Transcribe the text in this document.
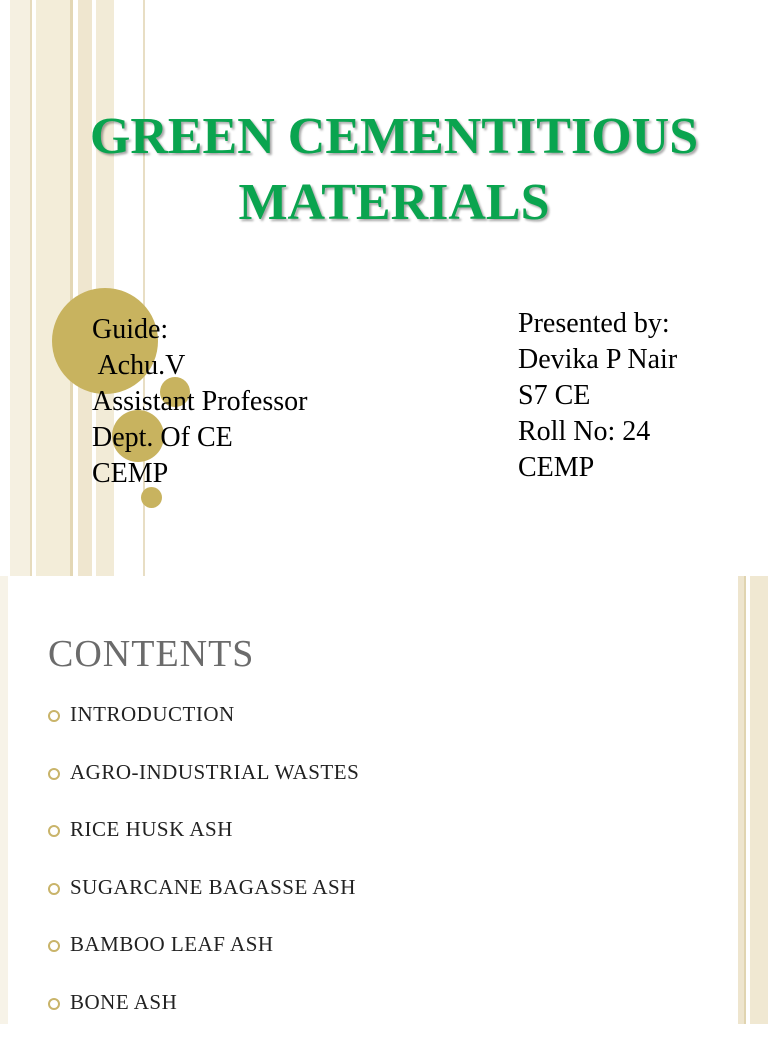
GREEN CEMENTITIOUS
MATERIALS
Guide:
Achu.V
Assistant Professor
Dept. Of CE
CEMP
Presented by:
Devika P Nair
S7 CE
Roll No: 24
CEMP
CONTENTS
INTRODUCTION
AGRO-INDUSTRIAL WASTES
RICE HUSK ASH
SUGARCANE BAGASSE ASH
BAMBOO LEAF ASH
BONE ASH
